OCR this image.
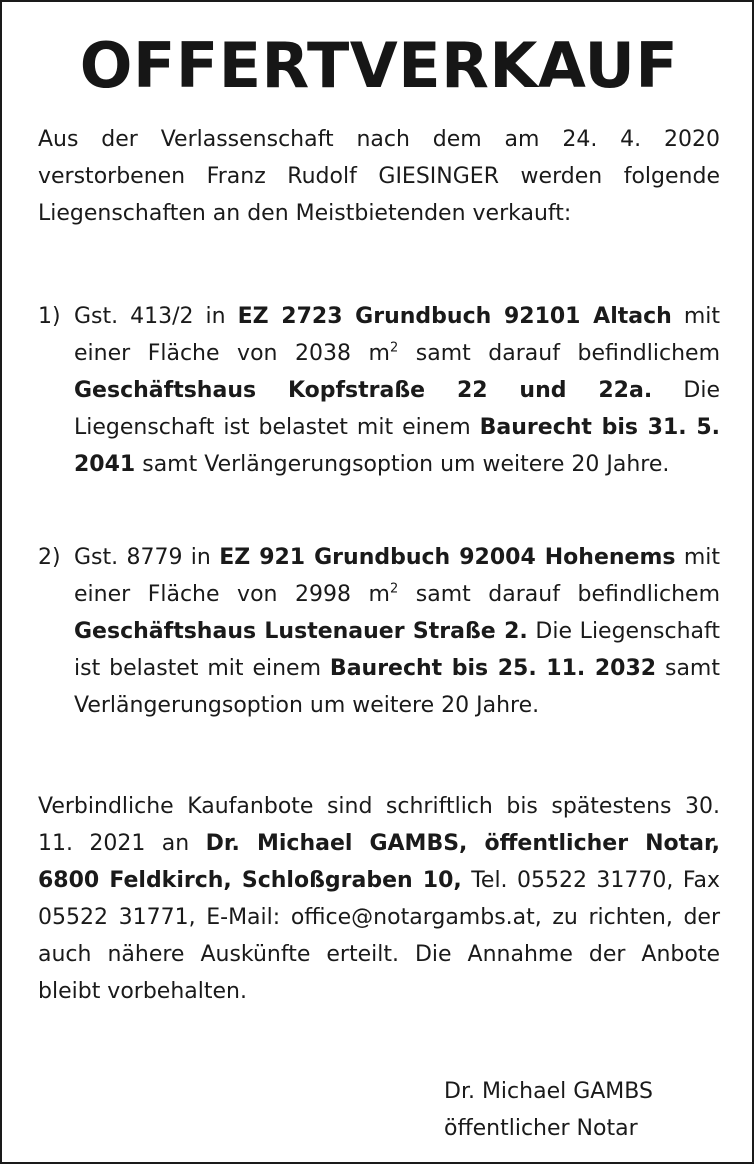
OFFERTVERKAUF

Aus der Verlassenschaft nach dem am 24. 4. 2020 verstorbenen Franz Rudolf GIESINGER werden folgende Liegenschaften an den Meistbietenden verkauft:

1) Gst. 413/2 in EZ 2723 Grundbuch 92101 Altach mit einer Fläche von 2038 $m^2$ samt darauf befindlichem Geschäftshaus Kopfstraße 22 und 22a. Die Liegenschaft ist belastet mit einem Baurecht bis 31. 5. 2041 samt Verlängerungsoption um weitere 20 Jahre.
2) Gst. 8779 in EZ 921 Grundbuch 92004 Hohenems mit einer Fläche von 2998 $m^2$ samt darauf befindlichem Geschäftshaus Lustenauer Straße 2. Die Liegenschaft ist belastet mit einem Baurecht bis 25. 11. 2032 samt Verlängerungsoption um weitere 20 Jahre.

Verbindliche Kaufanbote sind schriftlich bis spätestens 30. 11. 2021 an Dr. Michael GAMBS, öffentlicher Notar, 6800 Feldkirch, Schloßgraben 10, Tel. 05522 31770, Fax 05522 31771, E-Mail: office@notargambs.at, zu richten, der auch nähere Auskünfte erteilt. Die Annahme der Anbote bleibt vorbehalten.

Dr. Michael GAMBS
öffentlicher Notar
